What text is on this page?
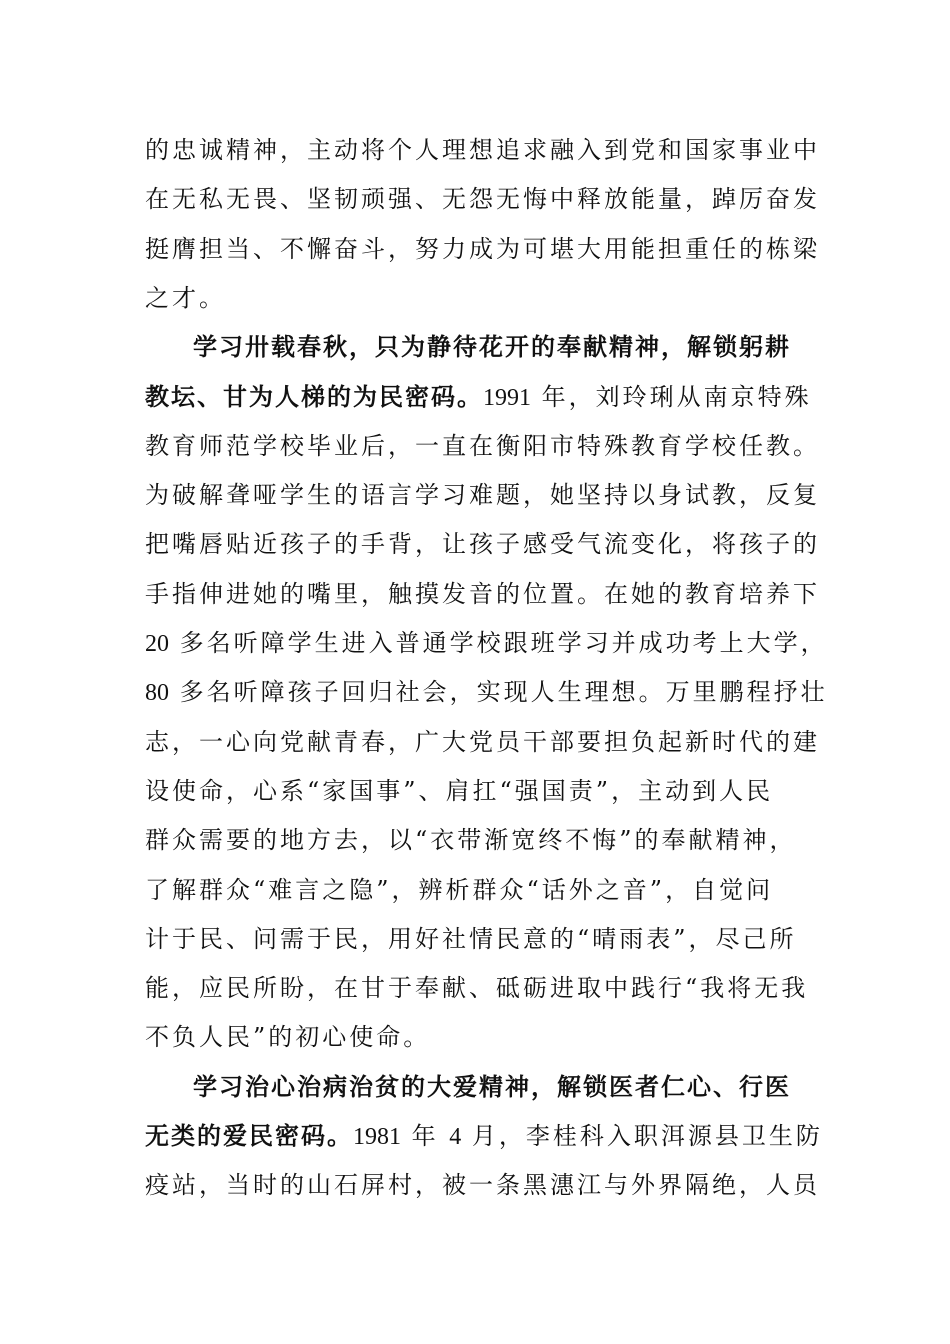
的忠诚精神，主动将个人理想追求融入到党和国家事业中
在无私无畏、坚韧顽强、无怨无悔中释放能量，踔厉奋发
挺膺担当、不懈奋斗，努力成为可堪大用能担重任的栋梁
之才。
学习卅载春秋，只为静待花开的奉献精神，解锁躬耕
教坛、甘为人梯的为民密码。1991 年，刘玲琍从南京特殊
教育师范学校毕业后，一直在衡阳市特殊教育学校任教。
为破解聋哑学生的语言学习难题，她坚持以身试教，反复
把嘴唇贴近孩子的手背，让孩子感受气流变化，将孩子的
手指伸进她的嘴里，触摸发音的位置。在她的教育培养下
20 多名听障学生进入普通学校跟班学习并成功考上大学，
80 多名听障孩子回归社会，实现人生理想。万里鹏程抒壮
志，一心向党献青春，广大党员干部要担负起新时代的建
设使命，心系“家国事”、肩扛“强国责”，主动到人民
群众需要的地方去，以“衣带渐宽终不悔”的奉献精神，
了解群众“难言之隐”，辨析群众“话外之音”，自觉问
计于民、问需于民，用好社情民意的“晴雨表”，尽己所
能，应民所盼，在甘于奉献、砥砺进取中践行“我将无我
不负人民”的初心使命。
学习治心治病治贫的大爱精神，解锁医者仁心、行医
无类的爱民密码。1981 年 4 月，李桂科入职洱源县卫生防
疫站，当时的山石屏村，被一条黑潓江与外界隔绝，人员
